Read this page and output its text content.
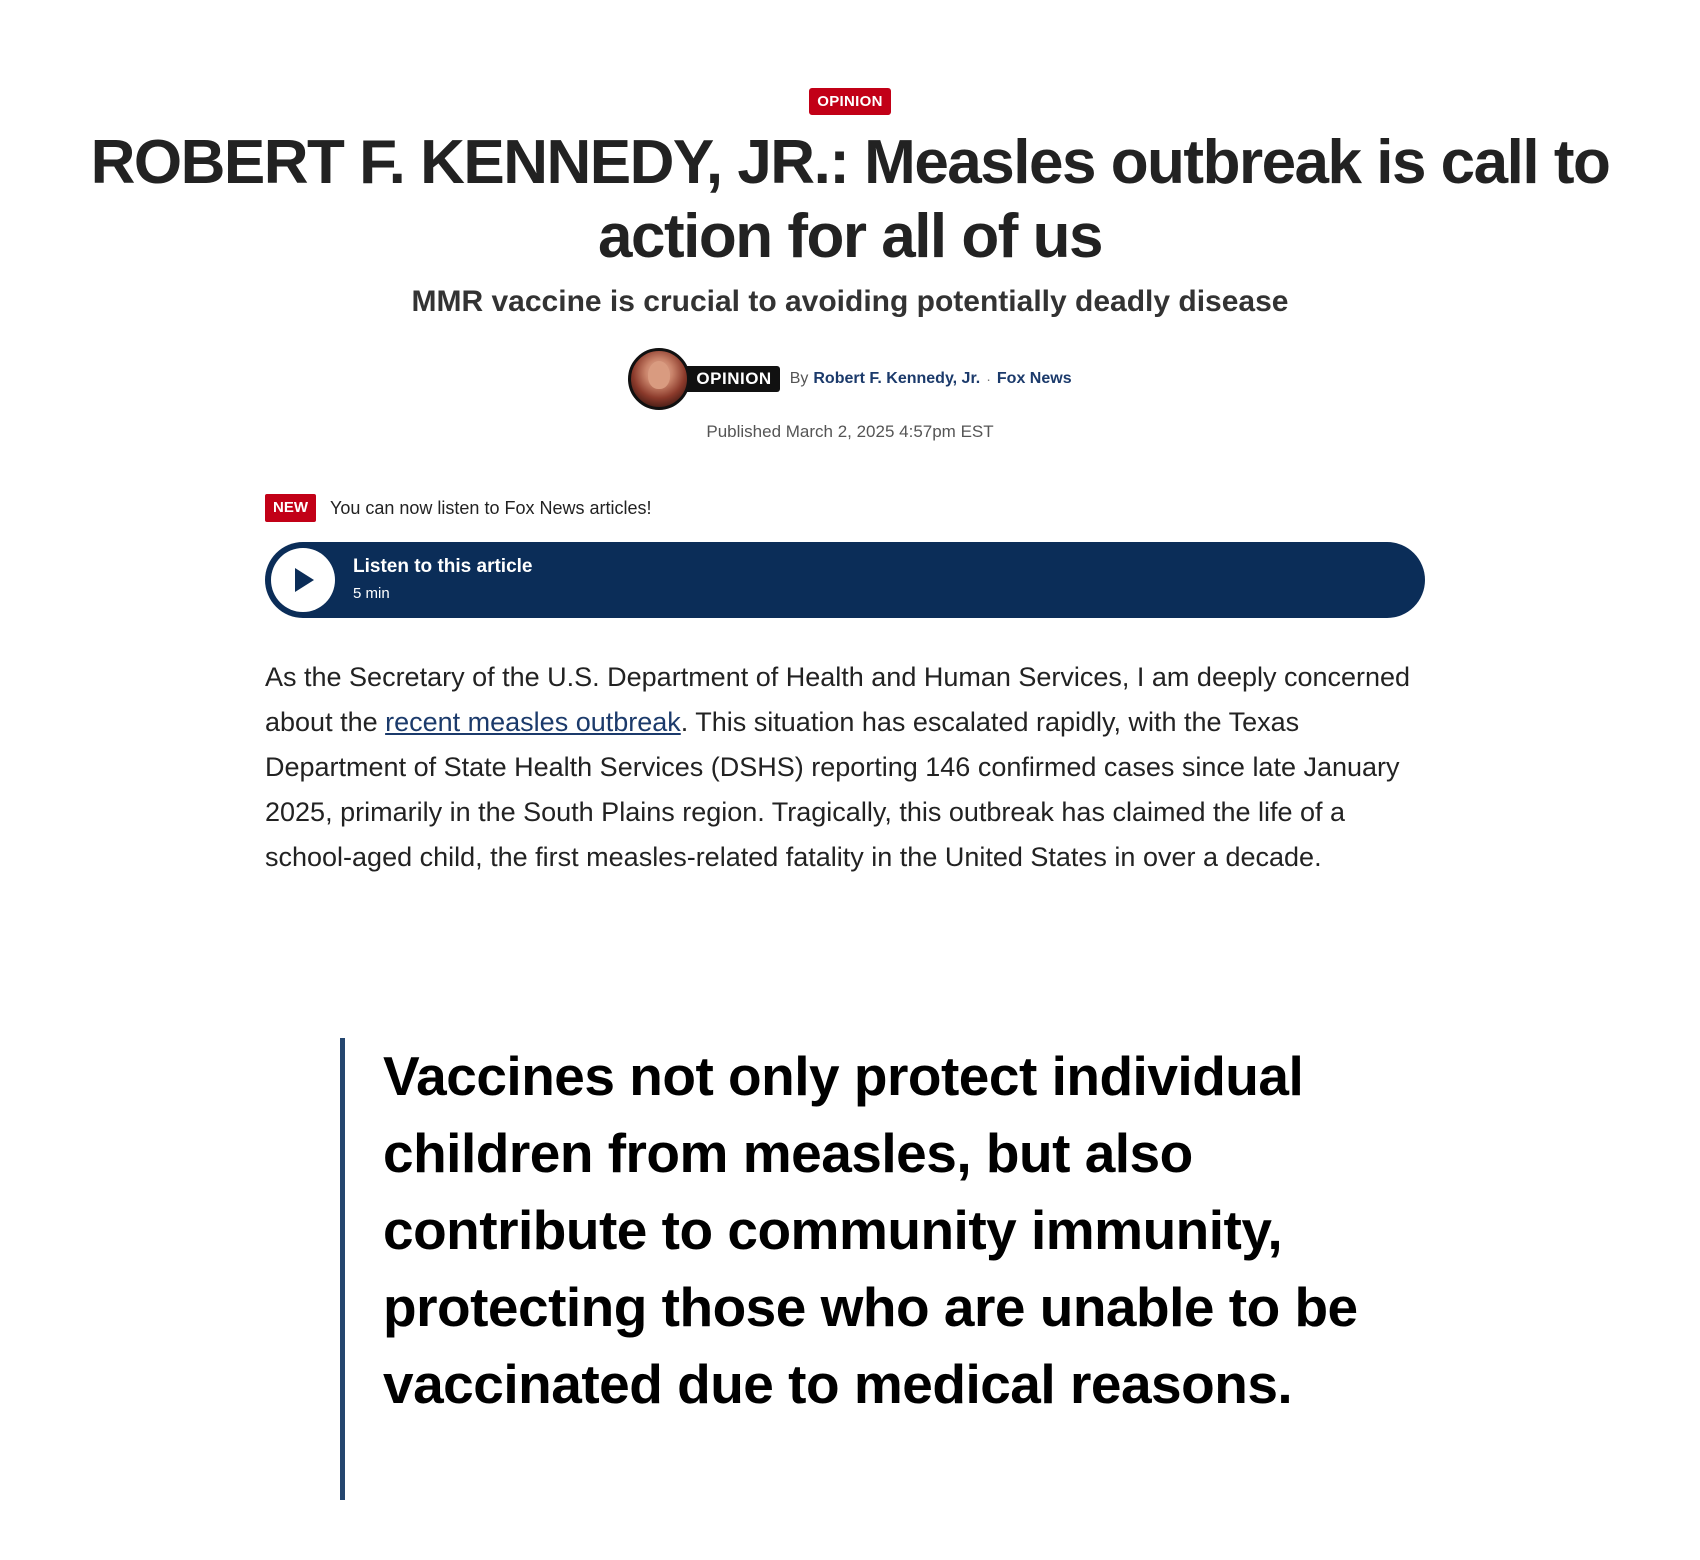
OPINION
ROBERT F. KENNEDY, JR.: Measles outbreak is call to action for all of us
MMR vaccine is crucial to avoiding potentially deadly disease
OPINION	By Robert F. Kennedy, Jr. · Fox News

Published March 2, 2025 4:57pm EST

NEW	You can now listen to Fox News articles!
Listen to this article
5 min

As the Secretary of the U.S. Department of Health and Human Services, I am deeply concerned about the recent measles outbreak. This situation has escalated rapidly, with the Texas Department of State Health Services (DSHS) reporting 146 confirmed cases since late January 2025, primarily in the South Plains region. Tragically, this outbreak has claimed the life of a school-aged child, the first measles-related fatality in the United States in over a decade.

Vaccines not only protect individual children from measles, but also contribute to community immunity, protecting those who are unable to be vaccinated due to medical reasons.
